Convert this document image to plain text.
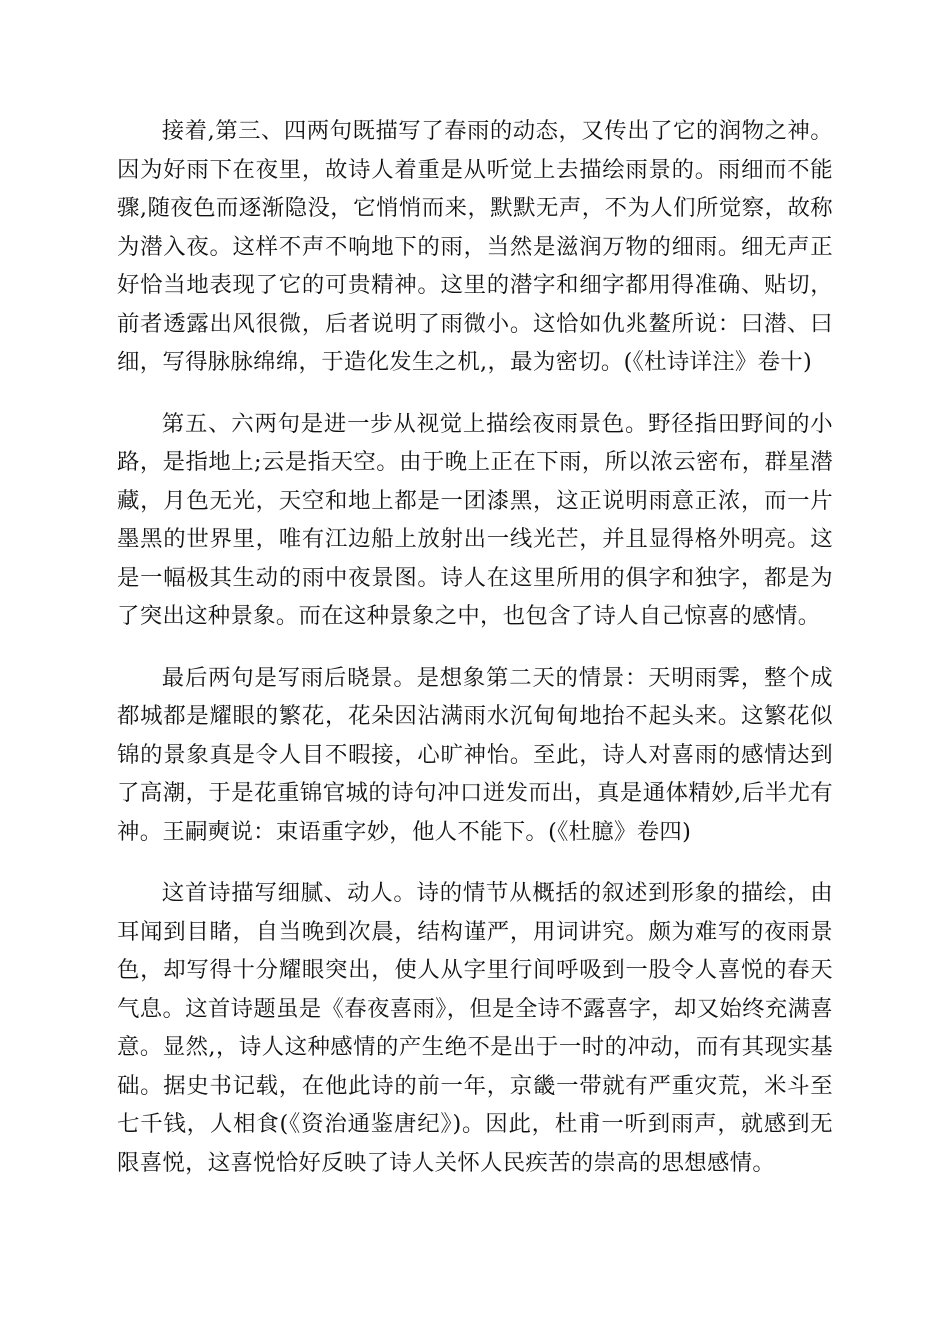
接着,第三、四两句既描写了春雨的动态，又传出了它的润物之神。因为好雨下在夜里，故诗人着重是从听觉上去描绘雨景的。雨细而不能骤,随夜色而逐渐隐没，它悄悄而来，默默无声，不为人们所觉察，故称为潜入夜。这样不声不响地下的雨，当然是滋润万物的细雨。细无声正好恰当地表现了它的可贵精神。这里的潜字和细字都用得准确、贴切，前者透露出风很微，后者说明了雨微小。这恰如仇兆鳌所说：曰潜、曰细，写得脉脉绵绵，于造化发生之机,，最为密切。(《杜诗详注》卷十)

第五、六两句是进一步从视觉上描绘夜雨景色。野径指田野间的小路，是指地上;云是指天空。由于晚上正在下雨，所以浓云密布，群星潜藏，月色无光，天空和地上都是一团漆黑，这正说明雨意正浓，而一片墨黑的世界里，唯有江边船上放射出一线光芒，并且显得格外明亮。这是一幅极其生动的雨中夜景图。诗人在这里所用的俱字和独字，都是为了突出这种景象。而在这种景象之中，也包含了诗人自己惊喜的感情。

最后两句是写雨后晓景。是想象第二天的情景：天明雨霁，整个成都城都是耀眼的繁花，花朵因沾满雨水沉甸甸地抬不起头来。这繁花似锦的景象真是令人目不暇接，心旷神怡。至此，诗人对喜雨的感情达到了高潮，于是花重锦官城的诗句冲口迸发而出，真是通体精妙,后半尤有神。王嗣奭说：束语重字妙，他人不能下。(《杜臆》卷四)

这首诗描写细腻、动人。诗的情节从概括的叙述到形象的描绘，由耳闻到目睹，自当晚到次晨，结构谨严，用词讲究。颇为难写的夜雨景色，却写得十分耀眼突出，使人从字里行间呼吸到一股令人喜悦的春天气息。这首诗题虽是《春夜喜雨》，但是全诗不露喜字，却又始终充满喜意。显然,，诗人这种感情的产生绝不是出于一时的冲动，而有其现实基础。据史书记载，在他此诗的前一年，京畿一带就有严重灾荒，米斗至七千钱，人相食(《资治通鉴唐纪》)。因此，杜甫一听到雨声，就感到无限喜悦，这喜悦恰好反映了诗人关怀人民疾苦的崇高的思想感情。
